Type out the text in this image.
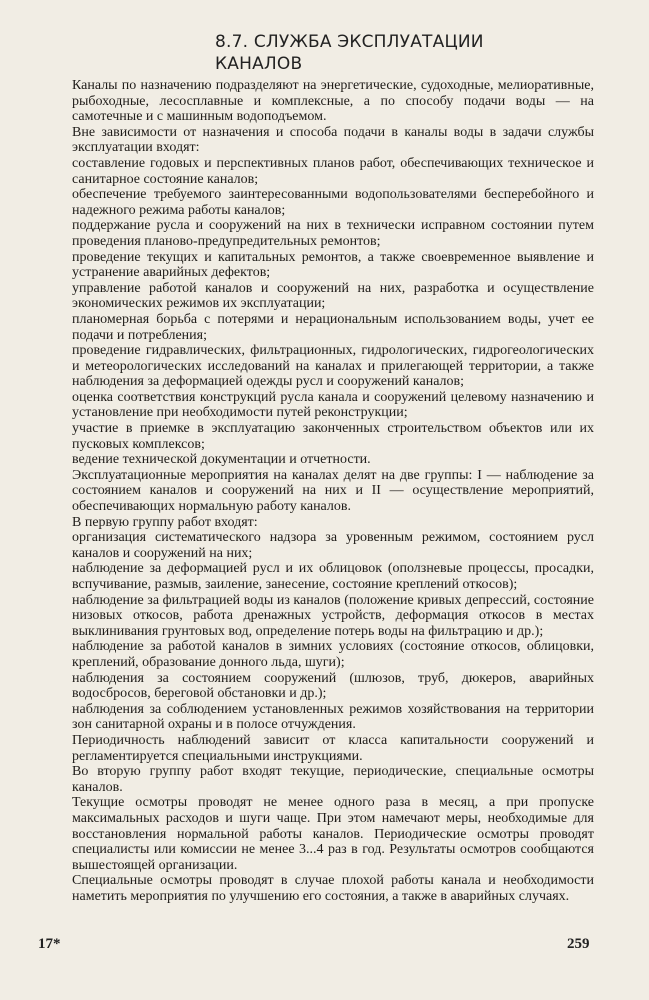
8.7. СЛУЖБА ЭКСПЛУАТАЦИИ
КАНАЛОВ

Каналы по назначению подразделяют на энергетические, судоходные, мелиоративные, рыбоходные, лесосплавные и комплексные, а по способу подачи воды — на самотечные и с машинным водоподъемом.

Вне зависимости от назначения и способа подачи в каналы воды в задачи службы эксплуатации входят:

составление годовых и перспективных планов работ, обеспечивающих техническое и санитарное состояние каналов;

обеспечение требуемого заинтересованными водопользователями бесперебойного и надежного режима работы каналов;

поддержание русла и сооружений на них в технически исправном состоянии путем проведения планово-предупредительных ремонтов;

проведение текущих и капитальных ремонтов, а также своевременное выявление и устранение аварийных дефектов;

управление работой каналов и сооружений на них, разработка и осуществление экономических режимов их эксплуатации;

планомерная борьба с потерями и нерациональным использованием воды, учет ее подачи и потребления;

проведение гидравлических, фильтрационных, гидрологических, гидрогеологических и метеорологических исследований на каналах и прилегающей территории, а также наблюдения за деформацией одежды русл и сооружений каналов;

оценка соответствия конструкций русла канала и сооружений целевому назначению и установление при необходимости путей реконструкции;

участие в приемке в эксплуатацию законченных строительством объектов или их пусковых комплексов;

ведение технической документации и отчетности.

Эксплуатационные мероприятия на каналах делят на две группы: I — наблюдение за состоянием каналов и сооружений на них и II — осуществление мероприятий, обеспечивающих нормальную работу каналов.

В первую группу работ входят:

организация систематического надзора за уровенным режимом, состоянием русл каналов и сооружений на них;

наблюдение за деформацией русл и их облицовок (оползневые процессы, просадки, вспучивание, размыв, заиление, занесение, состояние креплений откосов);

наблюдение за фильтрацией воды из каналов (положение кривых депрессий, состояние низовых откосов, работа дренажных устройств, деформация откосов в местах выклинивания грунтовых вод, определение потерь воды на фильтрацию и др.);

наблюдение за работой каналов в зимних условиях (состояние откосов, облицовки, креплений, образование донного льда, шуги);

наблюдения за состоянием сооружений (шлюзов, труб, дюкеров, аварийных водосбросов, береговой обстановки и др.);

наблюдения за соблюдением установленных режимов хозяйствования на территории зон санитарной охраны и в полосе отчуждения.

Периодичность наблюдений зависит от класса капитальности сооружений и регламентируется специальными инструкциями.

Во вторую группу работ входят текущие, периодические, специальные осмотры каналов.

Текущие осмотры проводят не менее одного раза в месяц, а при пропуске максимальных расходов и шуги чаще. При этом намечают меры, необходимые для восстановления нормальной работы каналов. Периодические осмотры проводят специалисты или комиссии не менее 3...4 раз в год. Результаты осмотров сообщаются вышестоящей организации.

Специальные осмотры проводят в случае плохой работы канала и необходимости наметить мероприятия по улучшению его состояния, а также в аварийных случаях.

17*	259
